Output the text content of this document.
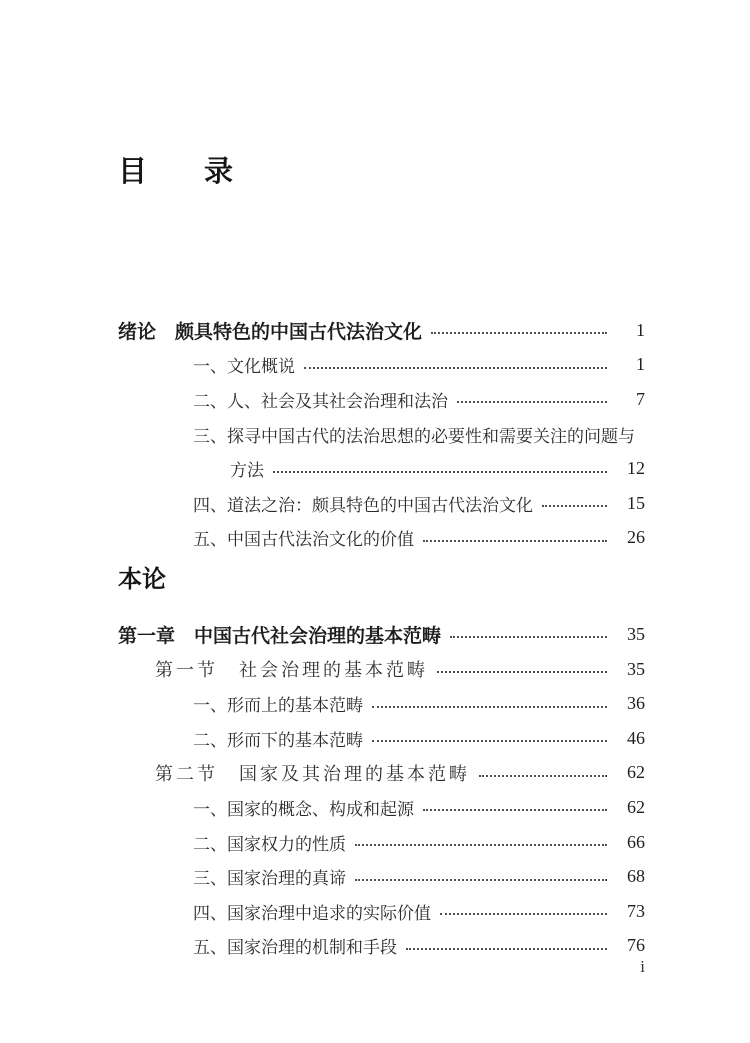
目　录
绪论　颇具特色的中国古代法治文化	1
一、文化概说	1
二、人、社会及其社会治理和法治	7
三、探寻中国古代的法治思想的必要性和需要关注的问题与
方法	12
四、道法之治：颇具特色的中国古代法治文化	15
五、中国古代法治文化的价值	26
本论
第一章　中国古代社会治理的基本范畴	35
第一节　社会治理的基本范畴	35
一、形而上的基本范畴	36
二、形而下的基本范畴	46
第二节　国家及其治理的基本范畴	62
一、国家的概念、构成和起源	62
二、国家权力的性质	66
三、国家治理的真谛	68
四、国家治理中追求的实际价值	73
五、国家治理的机制和手段	76
i
